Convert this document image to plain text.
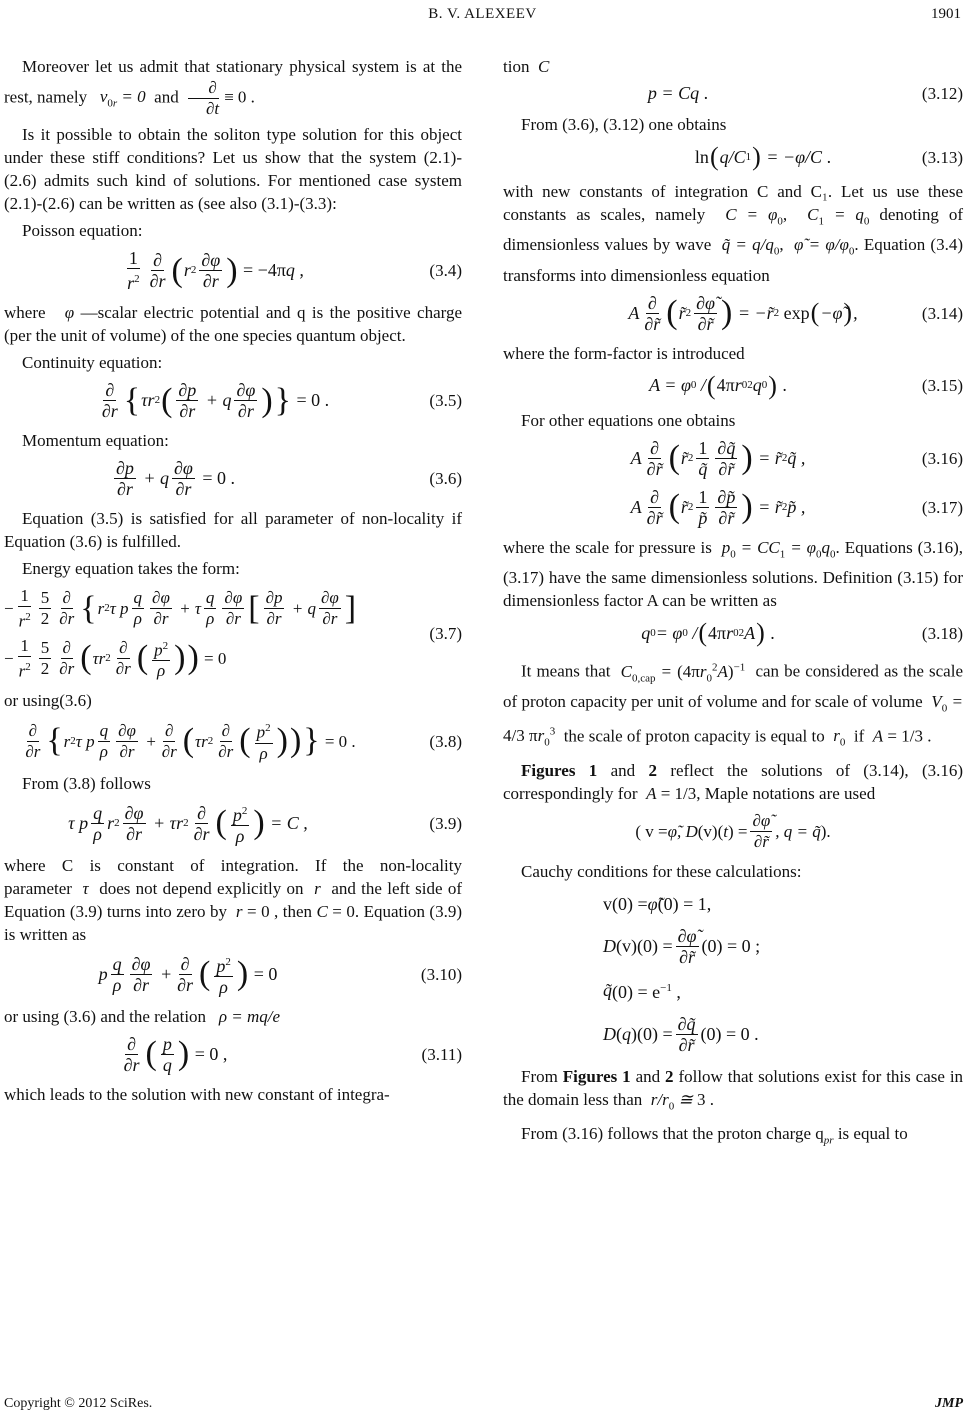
B. V. ALEXEEV	1901

Moreover let us admit that stationary physical system is at the rest, namely   $v_{0r} = 0$ and $\frac{\partial}{\partial t} \equiv 0$ .

Is it possible to obtain the soliton type solution for this object under these stiff conditions? Let us show that the system (2.1)-(2.6) admits such kind of solutions. For mentioned case system (2.1)-(2.6) can be written as (see also (3.1)-(3.3):

Poisson equation:

$\frac{1}{r^2} \frac{\partial}{\partial r}$ ( r $2 \frac{\partial\varphi}{\partial r}$ ) = −4π q ,	(3.4)

where φ —scalar electric potential and q is the positive charge (per the unit of volume) of the one species quantum object.

Continuity equation:

$\frac{\partial}{\partial r}$ { τr 2 ( $\frac{\partial p}{\partial r} + q \frac{\partial\varphi}{\partial r}$ ) } = 0 .	(3.5)

Momentum equation:

$\frac{\partial p}{\partial r} + q \frac{\partial\varphi}{\partial r} = 0$ .	(3.6)

Equation (3.5) is satisfied for all parameter of non-locality if Equation (3.6) is fulfilled.

Energy equation takes the form:

− $\frac{1}{r^2} \frac{5}{2} \frac{\partial}{\partial r}$ { r 2 τ p $\frac{q}{\rho} \frac{\partial\varphi}{\partial r} + \tau \frac{q}{\rho} \frac{\partial\varphi}{\partial r}$ [ $\frac{\partial p}{\partial r} + q \frac{\partial\varphi}{\partial r}$ ]
− $\frac{1}{r^2} \frac{5}{2} \frac{\partial}{\partial r}$ ( τr $2 \frac{\partial}{\partial r}$ ( $\frac{p^2}{\rho}$ ) ) = 0
(3.7)

or using(3.6)

$\frac{\partial}{\partial r}$ { r 2 τ p $\frac{q}{\rho} \frac{\partial\varphi}{\partial r} + \frac{\partial}{\partial r}$ ( τr $2 \frac{\partial}{\partial r}$ ( $\frac{p^2}{\rho}$ ) ) } = 0 .	(3.8)

From (3.8) follows

τ p $\frac{q}{\rho}$ r $2 \frac{\partial\varphi}{\partial r} + \tau r$ $2 \frac{\partial}{\partial r}$ ( $\frac{p^2}{\rho}$ ) = C ,	(3.9)

where C is constant of integration. If the non-locality parameter τ does not depend explicitly on r and the left side of Equation (3.9) turns into zero by r = 0 , then C = 0. Equation (3.9) is written as

p $\frac{q}{\rho} \frac{\partial\varphi}{\partial r} + \frac{\partial}{\partial r}$ ( $\frac{p^2}{\rho}$ ) = 0	(3.10)

or using (3.6) and the relation ρ = mq/e

$\frac{\partial}{\partial r}$ ( $\frac{p}{q}$ ) = 0 ,	(3.11)

which leads to the solution with new constant of integra-

tion C

p = Cq .	(3.12)

From (3.6), (3.12) one obtains

ln ( q/C 1 ) = −φ/C .	(3.13)

with new constants of integration C and C₁. Let us use these constants as scales, namely $C = \varphi_0$,  $C_1 = q_0$ denoting of dimensionless values by wave q̃ = $q/q_0$,  φ̃ = $\varphi/\varphi_0$. Equation (3.4) transforms into dimensionless equation

A $\frac{\partial}{\partial r̃}$ ( r̃ $2 \frac{\partial\varphĩ}{\partial r̃}$ ) = −r̃ 2 exp ( −φ̃ ) ,	(3.14)

where the form-factor is introduced

A = φ 0 / ( 4π r 0 2 q 0 )
.	(3.15)

For other equations one obtains

A $\frac{\partial}{\partial r̃}$ ( r̃ $2 \frac{1}{q̃} \frac{\partial q̃}{\partial r̃}$ ) = r̃ 2 q̃ ,	(3.16)
A $\frac{\partial}{\partial r̃}$ ( r̃ $2 \frac{1}{p̃} \frac{\partial p̃}{\partial r̃}$ ) = r̃ 2 p̃ ,	(3.17)

where the scale for pressure is $p_0 = CC_1 = \varphi_0q_0$. Equations (3.16), (3.17) have the same dimensionless solutions. Definition (3.15) for dimensionless factor A can be written as

q 0 = φ 0 / ( 4π r 0 2 A )
.	(3.18)

It means that $C_{0,cap} = (4\pi r_0^2A)^{-1}$ can be considered as the scale of proton capacity per unit of volume and for scale of volume $V_0 = 4/3$ $\pi r_0^3$ the scale of proton capacity is equal to $r_0$ if A = 1/3 .

Figures 1 and 2 reflect the solutions of (3.14), (3.16) correspondingly for A = 1/3, Maple notations are used

( v = φ̃, D (v)( t ) = $\frac{\partial\varphĩ}{\partial r̃}$ , q = q̃ ).

Cauchy conditions for these calculations:

v(0) = φ̃ (0) = 1,
D $(v)(0) = \frac{\partial\varphĩ}{\partial r̃} (0) = 0$ ;
q̃ $(0) = e^{-1}$ ,
D ( q )$(0) = \frac{\partial q̃}{\partial r̃} (0) = 0$ .

From Figures 1 and 2 follow that solutions exist for this case in the domain less than $r/r_0$ ≅ 3 .

From (3.16) follows that the proton charge $q_{pr}$ is equal to

Copyright © 2012 SciRes.	JMP
